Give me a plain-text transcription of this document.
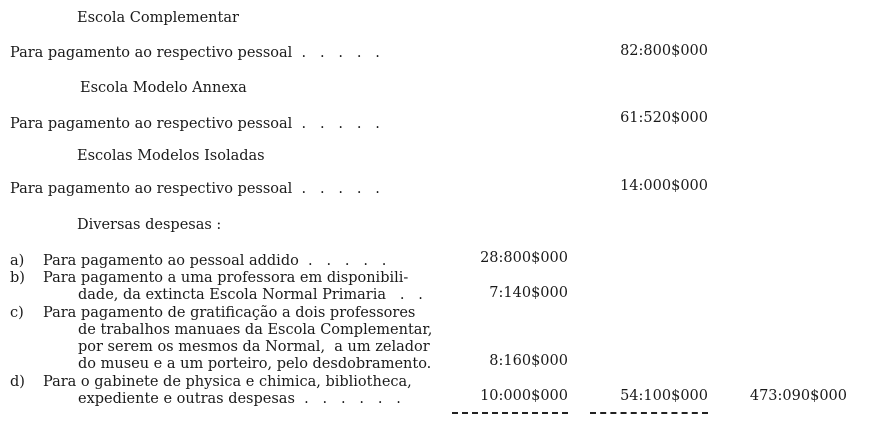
Escola Complementar
Para pagamento ao respectivo pessoal  .   .   .   .   .	82:800$000
Escola Modelo Annexa
Para pagamento ao respectivo pessoal  .   .   .   .   .	61:520$000
Escolas Modelos Isoladas
Para pagamento ao respectivo pessoal  .   .   .   .   .	14:000$000
Diversas despesas :
a) Para pagamento ao pessoal addido  .   .   .   .   .	28:800$000
b) Para pagamento a uma professora em disponibili-
dade, da extincta Escola Normal Primaria   .   .	7:140$000
c) Para pagamento de gratificação a dois professores
de trabalhos manuaes da Escola Complementar,
por serem os mesmos da Normal,  a um zelador
do museu e a um porteiro, pelo desdobramento.	8:160$000
d) Para o gabinete de physica e chimica, bibliotheca,
expediente e outras despesas  .   .   .   .   .   .	10:000$000	54:100$000	473:090$000
